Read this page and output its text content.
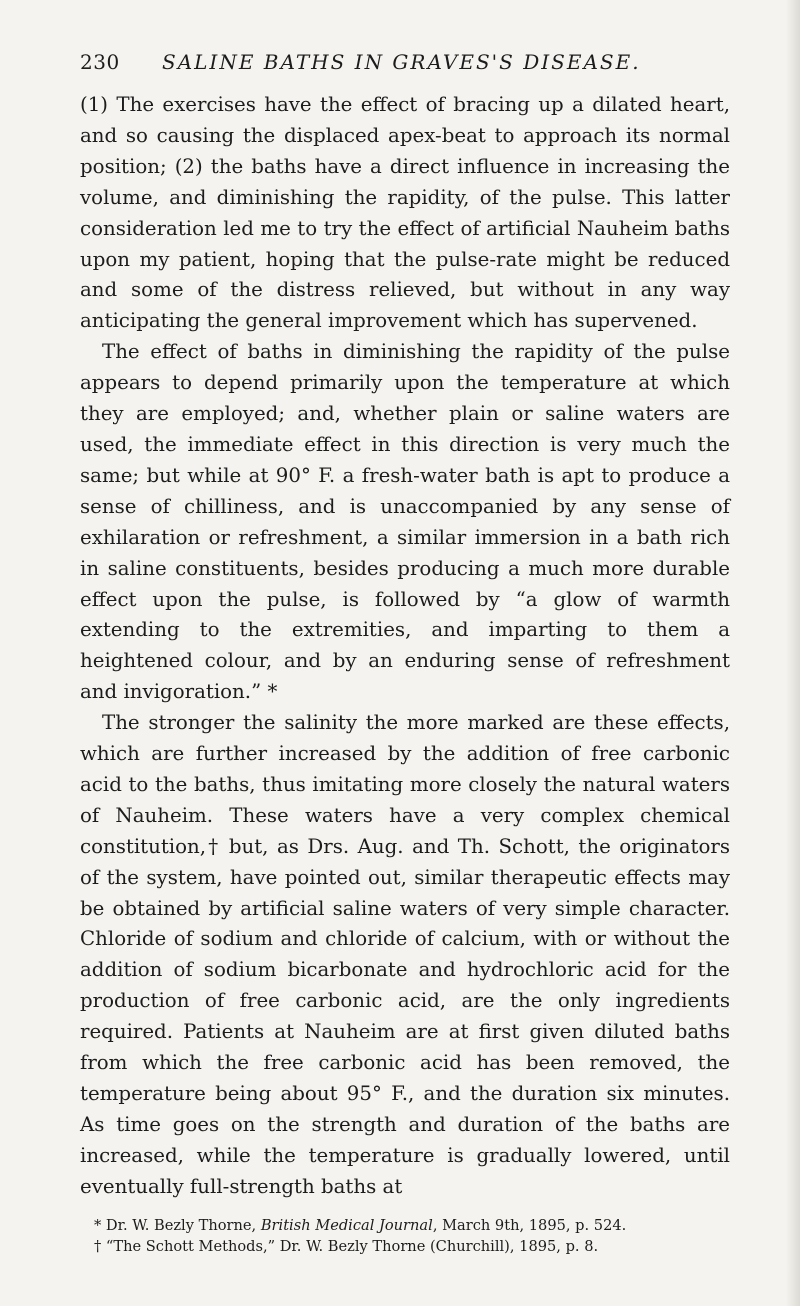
230	SALINE BATHS IN GRAVES'S DISEASE.

(1) The exercises have the effect of bracing up a dilated heart, and so causing the displaced apex-beat to approach its normal position; (2) the baths have a direct influence in increasing the volume, and diminishing the rapidity, of the pulse. This latter consideration led me to try the effect of artificial Nauheim baths upon my patient, hoping that the pulse-rate might be reduced and some of the distress relieved, but without in any way anticipating the general improvement which has supervened.

The effect of baths in diminishing the rapidity of the pulse appears to depend primarily upon the temperature at which they are employed; and, whether plain or saline waters are used, the immediate effect in this direction is very much the same; but while at 90° F. a fresh-water bath is apt to produce a sense of chilliness, and is unaccompanied by any sense of exhilaration or refreshment, a similar immersion in a bath rich in saline constituents, besides producing a much more durable effect upon the pulse, is followed by “a glow of warmth extending to the extremities, and imparting to them a heightened colour, and by an enduring sense of refreshment and invigoration.” *

The stronger the salinity the more marked are these effects, which are further increased by the addition of free carbonic acid to the baths, thus imitating more closely the natural waters of Nauheim. These waters have a very complex chemical constitution,† but, as Drs. Aug. and Th. Schott, the originators of the system, have pointed out, similar therapeutic effects may be obtained by artificial saline waters of very simple character. Chloride of sodium and chloride of calcium, with or without the addition of sodium bicarbonate and hydrochloric acid for the production of free carbonic acid, are the only ingredients required. Patients at Nauheim are at first given diluted baths from which the free carbonic acid has been removed, the temperature being about 95° F., and the duration six minutes. As time goes on the strength and duration of the baths are increased, while the temperature is gradually lowered, until eventually full-strength baths at

* Dr. W. Bezly Thorne, British Medical Journal, March 9th, 1895, p. 524.

† “The Schott Methods,” Dr. W. Bezly Thorne (Churchill), 1895, p. 8.
